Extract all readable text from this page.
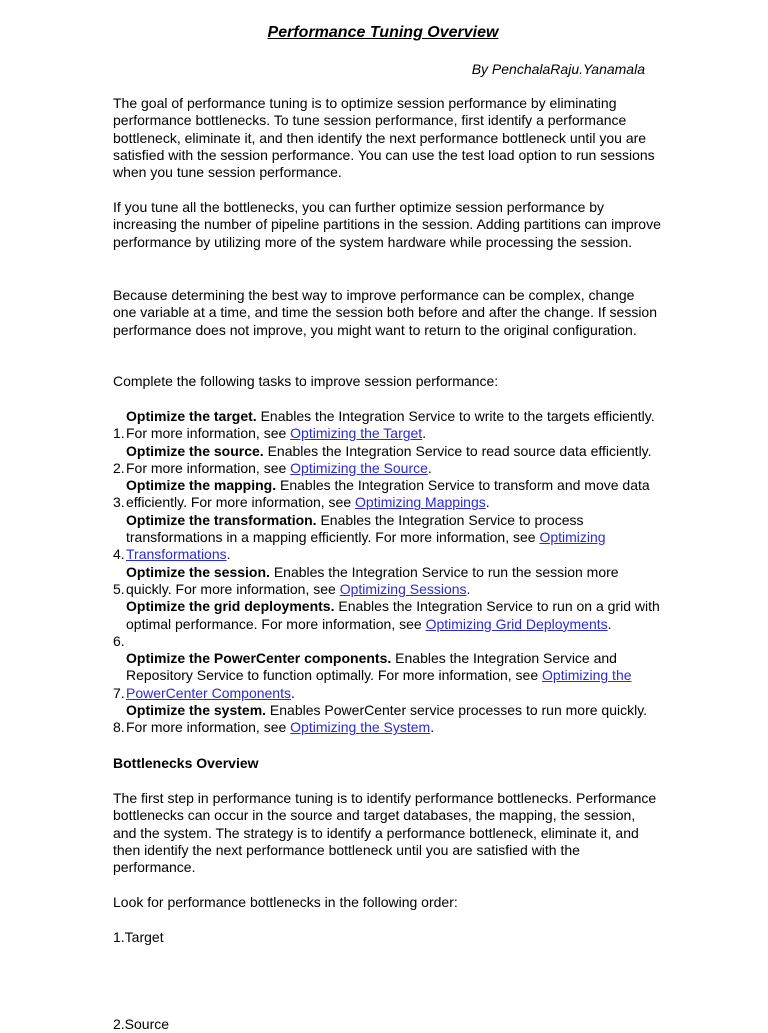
Performance Tuning Overview
By PenchalaRaju.Yanamala

The goal of performance tuning is to optimize session performance by eliminating performance bottlenecks. To tune session performance, first identify a performance bottleneck, eliminate it, and then identify the next performance bottleneck until you are satisfied with the session performance. You can use the test load option to run sessions when you tune session performance.

If you tune all the bottlenecks, you can further optimize session performance by increasing the number of pipeline partitions in the session. Adding partitions can improve performance by utilizing more of the system hardware while processing the session.

Because determining the best way to improve performance can be complex, change one variable at a time, and time the session both before and after the change. If session performance does not improve, you might want to return to the original configuration.

Complete the following tasks to improve session performance:

1.
Optimize the target. Enables the Integration Service to write to the targets efficiently. For more information, see Optimizing the Target.
2.
Optimize the source. Enables the Integration Service to read source data efficiently. For more information, see Optimizing the Source.
3.
Optimize the mapping. Enables the Integration Service to transform and move data efficiently. For more information, see Optimizing Mappings.
4.
Optimize the transformation. Enables the Integration Service to process transformations in a mapping efficiently. For more information, see Optimizing Transformations.
5.
Optimize the session. Enables the Integration Service to run the session more quickly. For more information, see Optimizing Sessions.
6.
Optimize the grid deployments. Enables the Integration Service to run on a grid with optimal performance. For more information, see Optimizing Grid Deployments.
7.
Optimize the PowerCenter components. Enables the Integration Service and Repository Service to function optimally. For more information, see Optimizing the PowerCenter Components.
8.
Optimize the system. Enables PowerCenter service processes to run more quickly. For more information, see Optimizing the System.
Bottlenecks Overview

The first step in performance tuning is to identify performance bottlenecks. Performance bottlenecks can occur in the source and target databases, the mapping, the session, and the system. The strategy is to identify a performance bottleneck, eliminate it, and then identify the next performance bottleneck until you are satisfied with the performance.

Look for performance bottlenecks in the following order:

1.Target
2.Source
